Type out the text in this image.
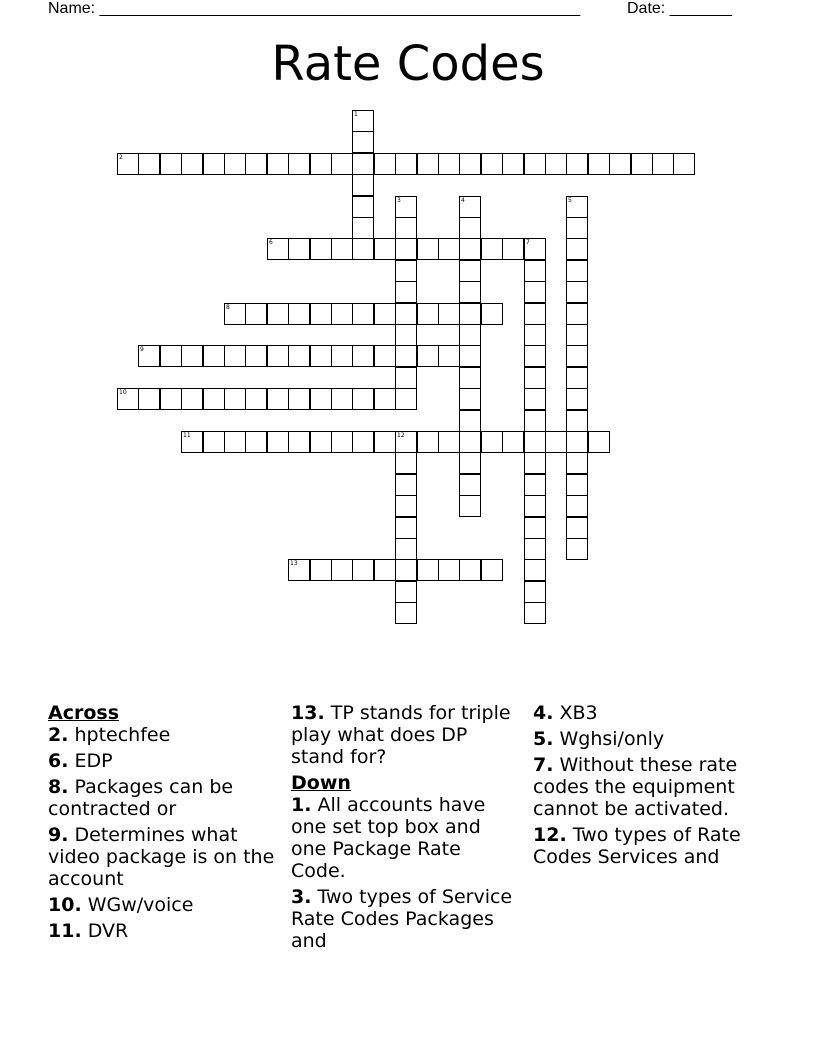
Name: ______________________________________________________	Date: _______
Rate Codes
1
2
3	4	5
6	7
8
9
10
11	12
13
Across
2. hptechfee
6. EDP
8. Packages can be contracted or
9. Determines what video package is on the account
10. WGw/voice
11. DVR
13. TP stands for triple play what does DP stand for?
Down
1. All accounts have one set top box and one Package Rate Code.
3. Two types of Service Rate Codes Packages and
4. XB3
5. Wghsi/only
7. Without these rate codes the equipment cannot be activated.
12. Two types of Rate Codes Services and
